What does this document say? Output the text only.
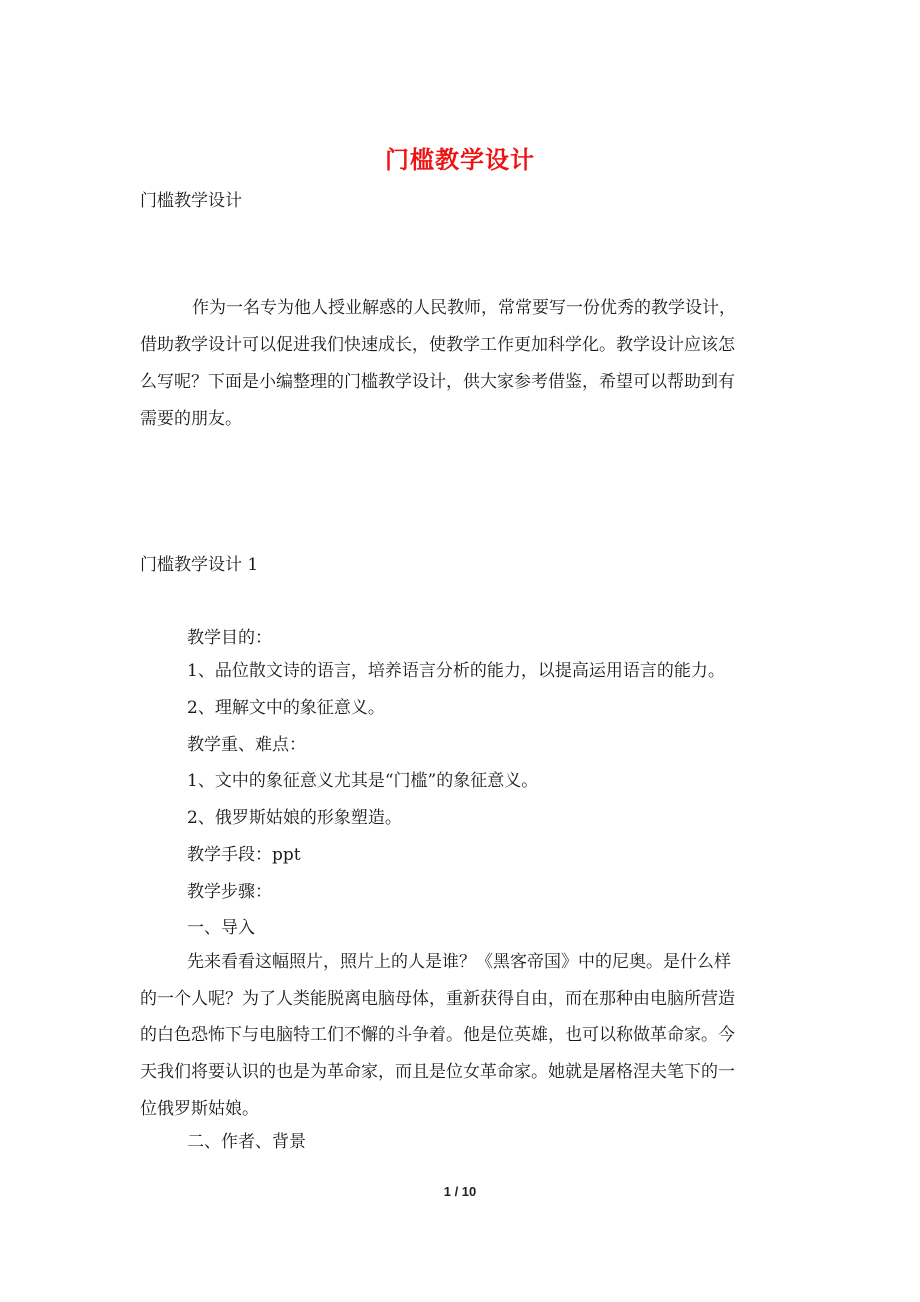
门槛教学设计
门槛教学设计
作为一名专为他人授业解惑的人民教师，常常要写一份优秀的教学设计，
借助教学设计可以促进我们快速成长，使教学工作更加科学化。教学设计应该怎
么写呢？下面是小编整理的门槛教学设计，供大家参考借鉴，希望可以帮助到有
需要的朋友。
门槛教学设计 1
教学目的：
1、品位散文诗的语言，培养语言分析的能力，以提高运用语言的能力。
2、理解文中的象征意义。
教学重、难点：
1、文中的象征意义尤其是“门槛”的象征意义。
2、俄罗斯姑娘的形象塑造。
教学手段：ppt
教学步骤：
一、导入
先来看看这幅照片，照片上的人是谁？《黑客帝国》中的尼奥。是什么样
的一个人呢？为了人类能脱离电脑母体，重新获得自由，而在那种由电脑所营造
的白色恐怖下与电脑特工们不懈的斗争着。他是位英雄，也可以称做革命家。今
天我们将要认识的也是为革命家，而且是位女革命家。她就是屠格涅夫笔下的一
位俄罗斯姑娘。
二、作者、背景
1 / 10
